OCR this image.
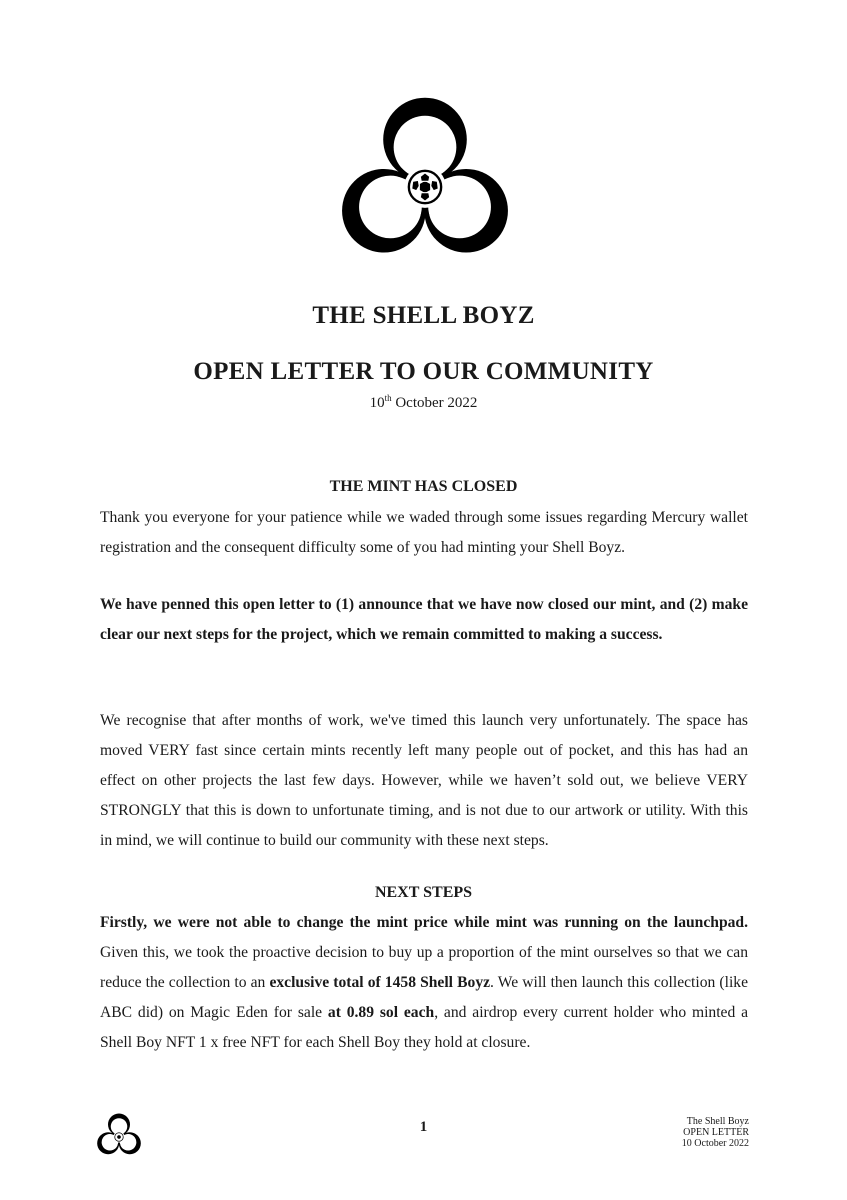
THE SHELL BOYZ
OPEN LETTER TO OUR COMMUNITY
10th October 2022
THE MINT HAS CLOSED
Thank you everyone for your patience while we waded through some issues regarding Mercury wallet registration and the consequent difficulty some of you had minting your Shell Boyz.
We have penned this open letter to (1) announce that we have now closed our mint, and (2) make clear our next steps for the project, which we remain committed to making a success.
We recognise that after months of work, we've timed this launch very unfortunately. The space has moved VERY fast since certain mints recently left many people out of pocket, and this has had an effect on other projects the last few days. However, while we haven’t sold out, we believe VERY STRONGLY that this is down to unfortunate timing, and is not due to our artwork or utility. With this in mind, we will continue to build our community with these next steps.
NEXT STEPS
Firstly, we were not able to change the mint price while mint was running on the launchpad. Given this, we took the proactive decision to buy up a proportion of the mint ourselves so that we can reduce the collection to an exclusive total of 1458 Shell Boyz. We will then launch this collection (like ABC did) on Magic Eden for sale at 0.89 sol each, and airdrop every current holder who minted a Shell Boy NFT 1 x free NFT for each Shell Boy they hold at closure.
1	The Shell Boyz
OPEN LETTER
10 October 2022
